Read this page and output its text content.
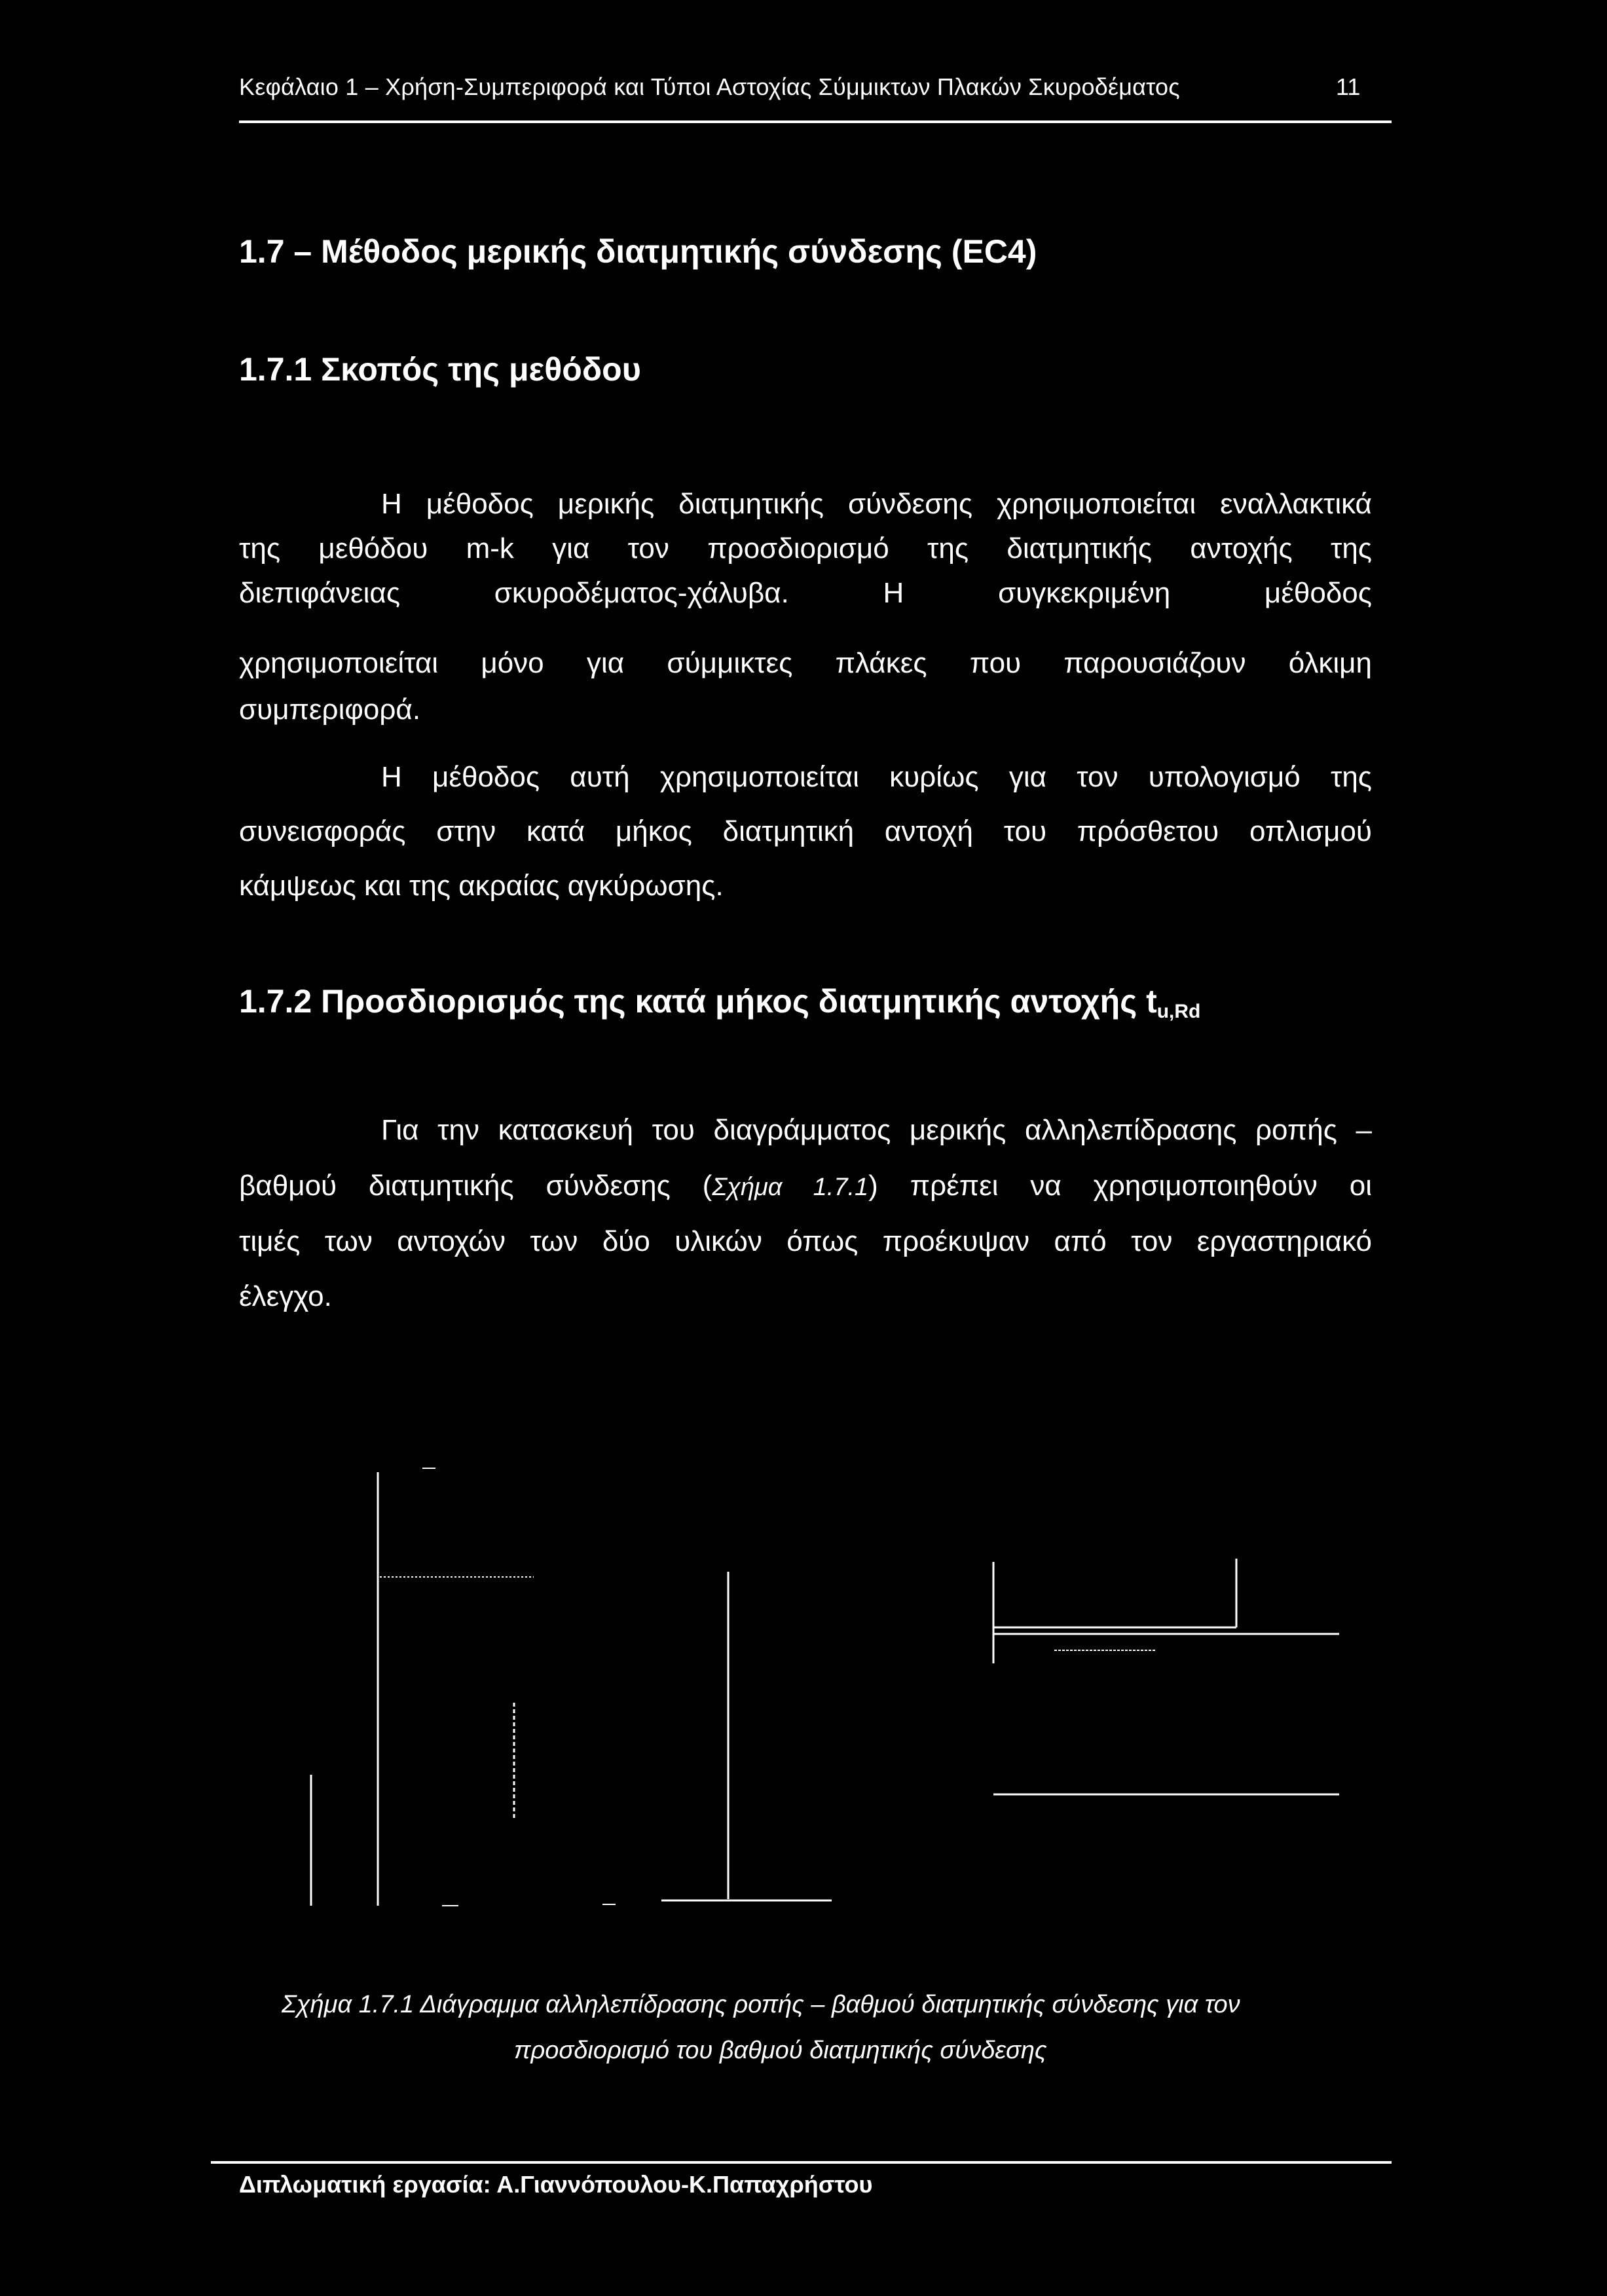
Κεφάλαιο 1 – Χρήση-Συμπεριφορά και Τύποι Αστοχίας Σύμμικτων Πλακών Σκυροδέματος	11
1.7 – Μέθοδος μερικής διατμητικής σύνδεσης (EC4)
1.7.1 Σκοπός της μεθόδου
Η μέθοδος μερικής διατμητικής σύνδεσης χρησιμοποιείται εναλλακτικά
της μεθόδου m-k για τον προσδιορισμό της διατμητικής αντοχής της
διεπιφάνειας σκυροδέματος-χάλυβα. Η συγκεκριμένη μέθοδος
χρησιμοποιείται μόνο για σύμμικτες πλάκες που παρουσιάζουν όλκιμη
συμπεριφορά.
Η μέθοδος αυτή χρησιμοποιείται κυρίως για τον υπολογισμό της
συνεισφοράς στην κατά μήκος διατμητική αντοχή του πρόσθετου οπλισμού
κάμψεως και της ακραίας αγκύρωσης.
1.7.2 Προσδιορισμός της κατά μήκος διατμητικής αντοχής $t_{u,Rd}$
Για την κατασκευή του διαγράμματος μερικής αλληλεπίδρασης ροπής –
βαθμού διατμητικής σύνδεσης (Σχήμα 1.7.1) πρέπει να χρησιμοποιηθούν οι
τιμές των αντοχών των δύο υλικών όπως προέκυψαν από τον εργαστηριακό
έλεγχο.
Σχήμα 1.7.1 Διάγραμμα αλληλεπίδρασης ροπής – βαθμού διατμητικής σύνδεσης για τον
προσδιορισμό του βαθμού διατμητικής σύνδεσης
Διπλωματική εργασία: Α.Γιαννόπουλου-Κ.Παπαχρήστου
